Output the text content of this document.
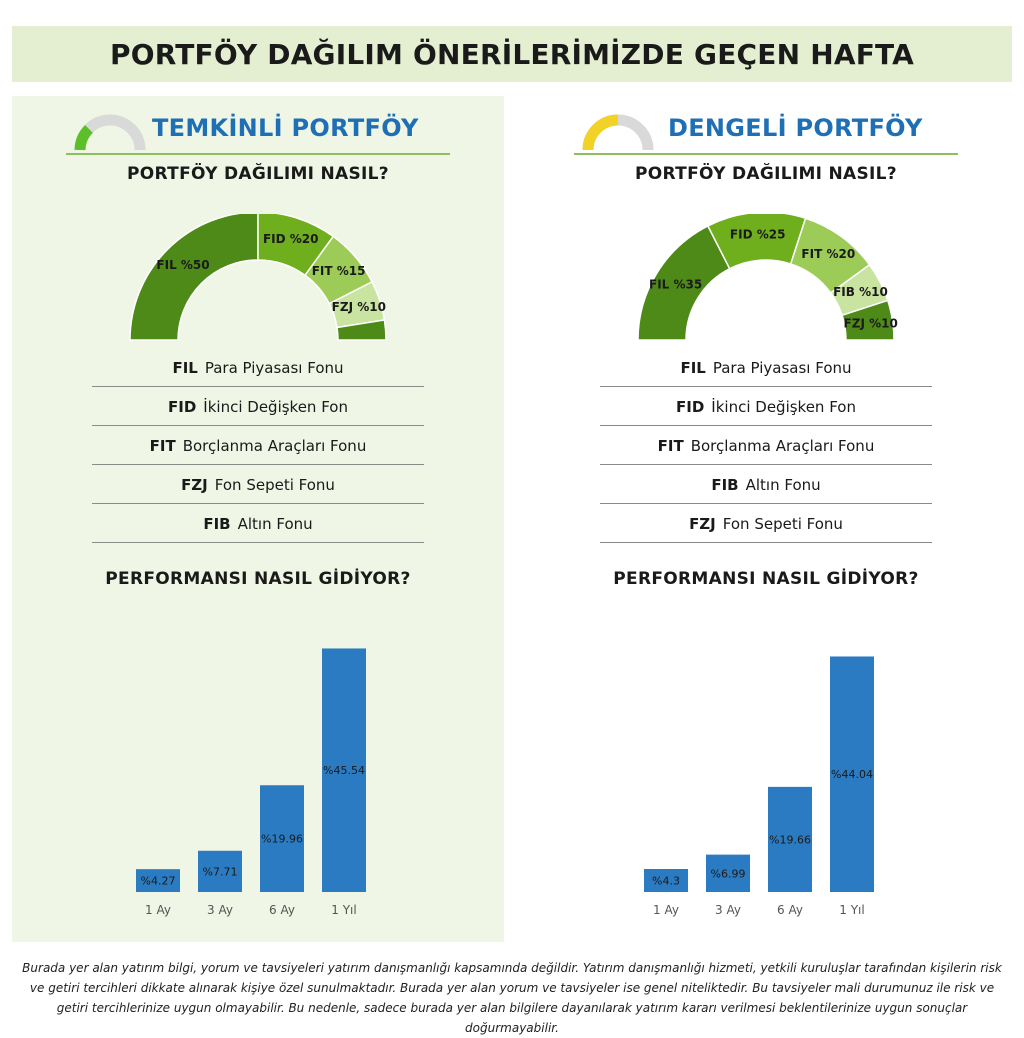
PORTFÖY DAĞILIM ÖNERİLERİMİZDE GEÇEN HAFTA
TEMKİNLİ PORTFÖY
PORTFÖY DAĞILIMI NASIL?
FIL %50
FID %20
FIT %15
FZJ %10
FIL Para Piyasası Fonu
FID İkinci Değişken Fon
FIT Borçlanma Araçları Fonu
FZJ Fon Sepeti Fonu
FIB Altın Fonu
PERFORMANSI NASIL GİDİYOR?
%4.27
1 Ay
%7.71
3 Ay
%19.96
6 Ay
%45.54
1 Yıl
DENGELİ PORTFÖY
PORTFÖY DAĞILIMI NASIL?
FIL %35
FID %25
FIT %20
FIB %10
FZJ %10
FIL Para Piyasası Fonu
FID İkinci Değişken Fon
FIT Borçlanma Araçları Fonu
FIB Altın Fonu
FZJ Fon Sepeti Fonu
PERFORMANSI NASIL GİDİYOR?
%4.3
1 Ay
%6.99
3 Ay
%19.66
6 Ay
%44.04
1 Yıl
Burada yer alan yatırım bilgi, yorum ve tavsiyeleri yatırım danışmanlığı kapsamında değildir. Yatırım danışmanlığı hizmeti, yetkili kuruluşlar tarafından kişilerin risk ve getiri tercihleri dikkate alınarak kişiye özel sunulmaktadır. Burada yer alan yorum ve tavsiyeler ise genel niteliktedir. Bu tavsiyeler mali durumunuz ile risk ve getiri tercihlerinize uygun olmayabilir. Bu nedenle, sadece burada yer alan bilgilere dayanılarak yatırım kararı verilmesi beklentilerinize uygun sonuçlar doğurmayabilir.
